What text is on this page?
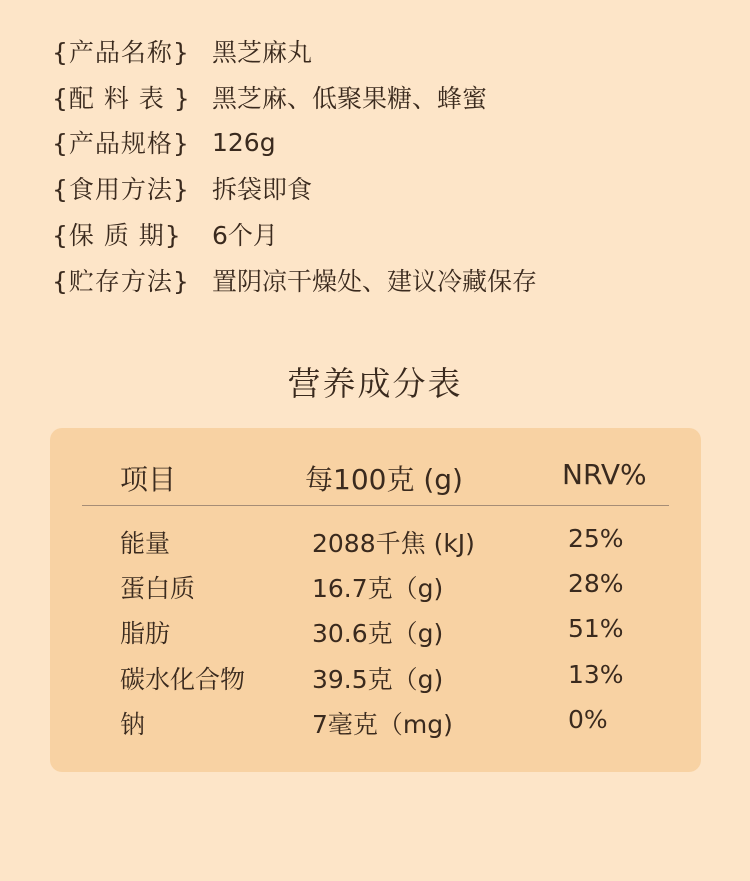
{产品名称} 黑芝麻丸
{配 料 表 } 黑芝麻、低聚果糖、蜂蜜
{产品规格} 126g
{食用方法} 拆袋即食
{保 质 期}	6个月
{贮存方法} 置阴凉干燥处、建议冷藏保存
营养成分表
项目	每100克 (g)	NRV%
能量	2088千焦 (kJ)	25%
蛋白质	16.7克（g)	28%
脂肪	30.6克（g)	51%
碳水化合物	39.5克（g)	13%
钠	7毫克（mg)	0%
